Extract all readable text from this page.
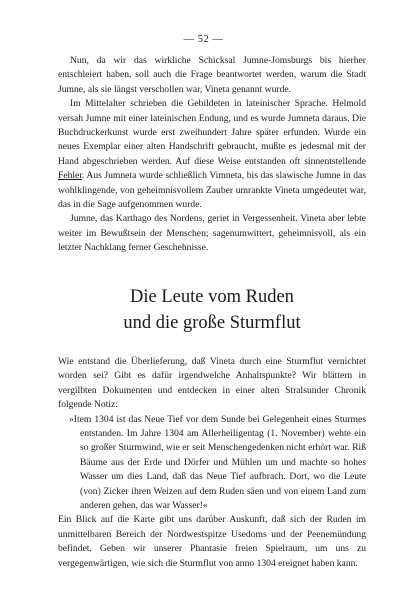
— 52 —

Nun, da wir das wirkliche Schicksal Jumne-Jomsburgs bis hierher entschleiert haben, soll auch die Frage beantwortet werden, warum die Stadt Jumne, als sie längst verschollen war, Vineta genannt wurde.

Im Mittelalter schrieben die Gebildeten in lateinischer Sprache. Helmold versah Jumne mit einer lateinischen Endung, und es wurde Jumneta daraus. Die Buchdruckerkunst wurde erst zweihundert Jahre später erfunden. Wurde ein neues Exemplar einer alten Handschrift gebraucht, mußte es jedesmal mit der Hand abgeschrieben werden. Auf diese Weise entstanden oft sinnentstellende Fehler. Aus Jumneta wurde schließlich Vimneta, bis das slawische Jumne in das wohlklingende, von geheimnisvollem Zauber umrankte Vineta umgedeutet war, das in die Sage aufgenommen wurde.

Jumne, das Karthago des Nordens, geriet in Vergessenheit. Vineta aber lebte weiter im Bewußtsein der Menschen; sagenumwittert, geheimnisvoll, als ein letzter Nachklang ferner Geschehnisse.

Die Leute vom Ruden
und die große Sturmflut

Wie entstand die Überlieferung, daß Vineta durch eine Sturmflut vernichtet worden sei? Gibt es dafür irgendwelche Anhaltspunkte? Wir blättern in vergilbten Dokumenten und entdecken in einer alten Stralsunder Chronik folgende Notiz:

»Item 1304 ist das Neue Tief vor dem Sunde bei Gelegenheit eines Sturmes entstanden. Im Jahre 1304 am Allerheiligentag (1. November) wehte ein so großer Sturmwind, wie er seit Menschengedenken nicht erhört war. Riß Bäume aus der Erde und Dörfer und Mühlen um und machte so hohes Wasser um dies Land, daß das Neue Tief aufbrach. Dort, wo die Leute (von) Zicker ihren Weizen auf dem Ruden säen und von einem Land zum anderen gehen, das war Wasser!«

Ein Blick auf die Karte gibt uns darüber Auskunft, daß sich der Ruden im unmittelbaren Bereich der Nordwestspitze Usedoms und der Peenemündung befindet. Geben wir unserer Phantasie freien Spielraum, um uns zu vergegenwärtigen, wie sich die Sturmflut von anno 1304 ereignet haben kann.
